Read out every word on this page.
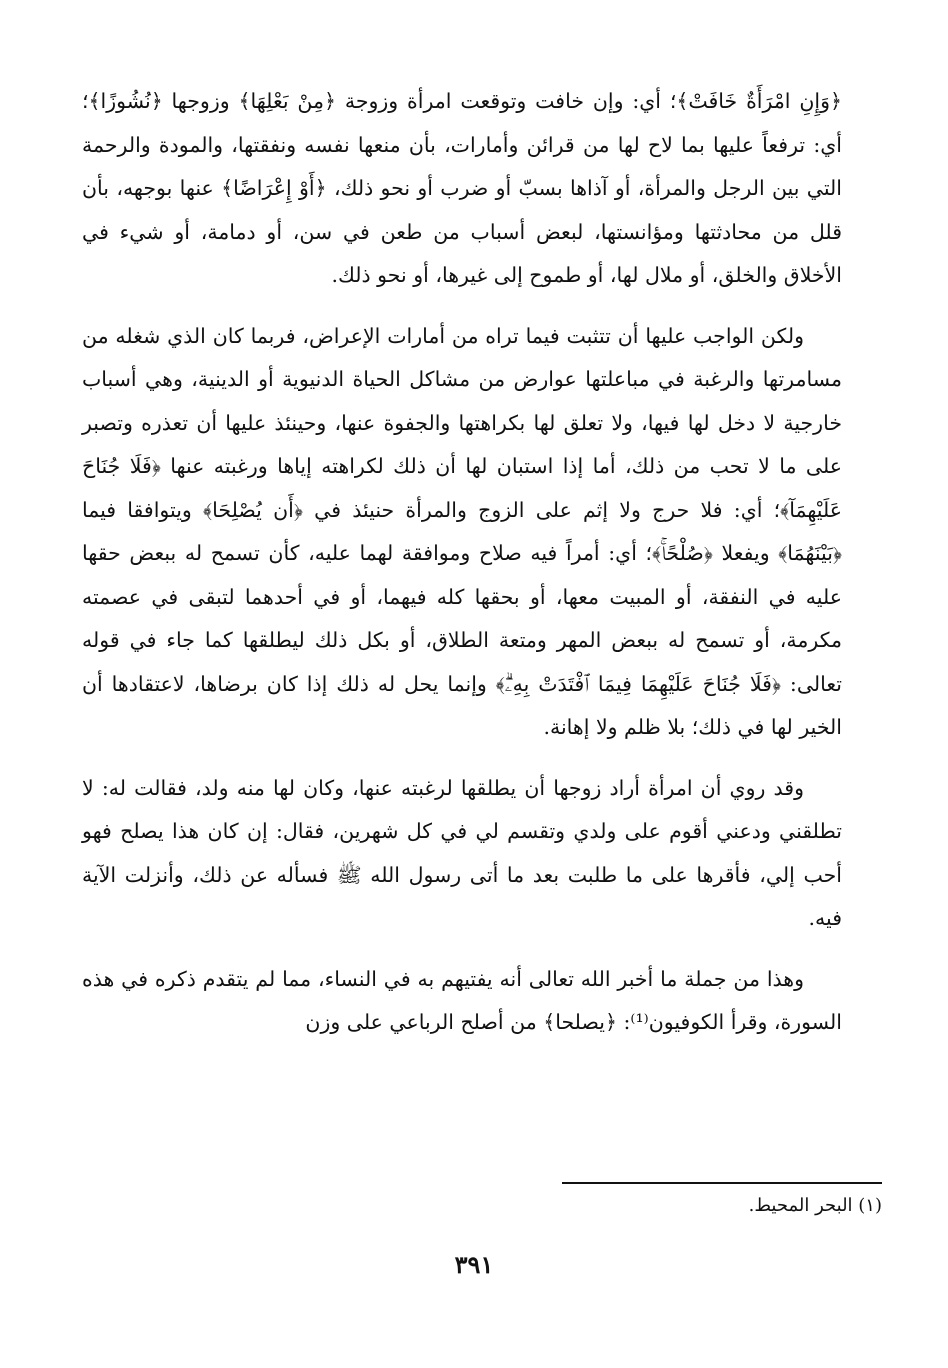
﴿وَإِنِ امْرَأَةٌ خَافَتْ﴾؛ أي: وإن خافت وتوقعت امرأة وزوجة ﴿مِنْ بَعْلِهَا﴾ وزوجها ﴿نُشُوزًا﴾؛ أي: ترفعاً عليها بما لاح لها من قرائن وأمارات، بأن منعها نفسه ونفقتها، والمودة والرحمة التي بين الرجل والمرأة، أو آذاها بسبّ أو ضرب أو نحو ذلك، ﴿أَوْ إِعْرَاضًا﴾ عنها بوجهه، بأن قلل من محادثتها ومؤانستها، لبعض أسباب من طعن في سن، أو دمامة، أو شيء في الأخلاق والخلق، أو ملال لها، أو طموح إلى غيرها، أو نحو ذلك.

ولكن الواجب عليها أن تتثبت فيما تراه من أمارات الإعراض، فربما كان الذي شغله من مسامرتها والرغبة في مباعلتها عوارض من مشاكل الحياة الدنيوية أو الدينية، وهي أسباب خارجية لا دخل لها فيها، ولا تعلق لها بكراهتها والجفوة عنها، وحينئذ عليها أن تعذره وتصبر على ما لا تحب من ذلك، أما إذا استبان لها أن ذلك لكراهته إياها ورغبته عنها ﴿فَلَا جُنَاحَ عَلَيْهِمَآ﴾؛ أي: فلا حرج ولا إثم على الزوج والمرأة حنيئذ في ﴿أَن يُصْلِحَا﴾ ويتوافقا فيما ﴿بَيْنَهُمَا﴾ ويفعلا ﴿صُلْحًاۚ﴾؛ أي: أمراً فيه صلاح وموافقة لهما عليه، كأن تسمح له ببعض حقها عليه في النفقة، أو المبيت معها، أو بحقها كله فيهما، أو في أحدهما لتبقى في عصمته مكرمة، أو تسمح له ببعض المهر ومتعة الطلاق، أو بكل ذلك ليطلقها كما جاء في قوله تعالى: ﴿فَلَا جُنَاحَ عَلَيْهِمَا فِيمَا ٱفْتَدَتْ بِهِۦۗ﴾ وإنما يحل له ذلك إذا كان برضاها، لاعتقادها أن الخير لها في ذلك؛ بلا ظلم ولا إهانة.

وقد روي أن امرأة أراد زوجها أن يطلقها لرغبته عنها، وكان لها منه ولد، فقالت له: لا تطلقني ودعني أقوم على ولدي وتقسم لي في كل شهرين، فقال: إن كان هذا يصلح فهو أحب إلي، فأقرها على ما طلبت بعد ما أتى رسول الله ﷺ فسأله عن ذلك، وأنزلت الآية فيه.

وهذا من جملة ما أخبر الله تعالى أنه يفتيهم به في النساء، مما لم يتقدم ذكره في هذه السورة، وقرأ الكوفيون⁽¹⁾: ﴿يصلحا﴾ من أصلح الرباعي على وزن

(١) البحر المحيط.
٣٩١
